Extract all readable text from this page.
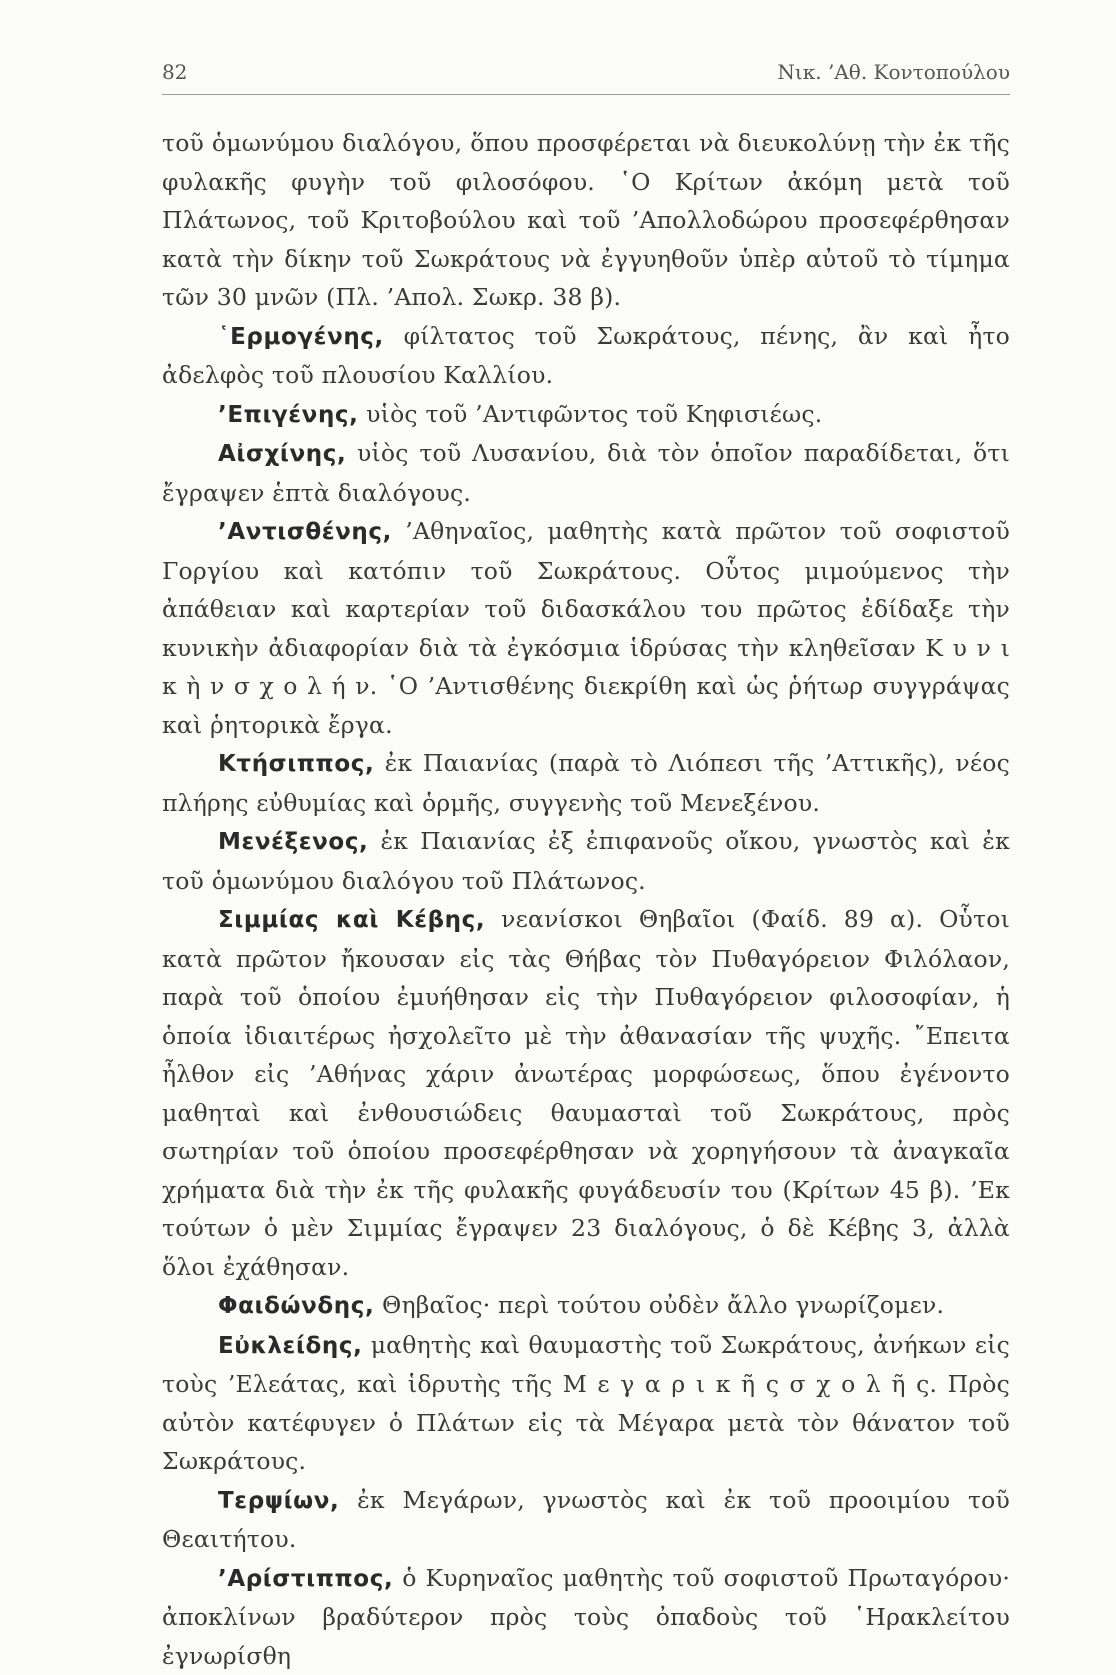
82	Νικ. ’Αθ. Κοντοπούλου

τοῦ ὁμωνύμου διαλόγου, ὅπου προσφέρεται νὰ διευκολύνῃ τὴν ἐκ τῆς φυλακῆς φυγὴν τοῦ φιλοσόφου. ῾Ο Κρίτων ἀκόμη μετὰ τοῦ Πλάτωνος, τοῦ Κριτοβούλου καὶ τοῦ ’Απολλοδώρου προσεφέρθησαν κατὰ τὴν δίκην τοῦ Σωκράτους νὰ ἐγγυηθοῦν ὑπὲρ αὐτοῦ τὸ τίμημα τῶν 30 μνῶν (Πλ. ’Απολ. Σωκρ. 38 β).

῾Ερμογένης, φίλτατος τοῦ Σωκράτους, πένης, ἂν καὶ ἦτο ἀδελφὸς τοῦ πλουσίου Καλλίου.

’Επιγένης, υἱὸς τοῦ ’Αντιφῶντος τοῦ Κηφισιέως.

Αἰσχίνης, υἱὸς τοῦ Λυσανίου, διὰ τὸν ὁποῖον παραδίδεται, ὅτι ἔγραψεν ἑπτὰ διαλόγους.

’Αντισθένης, ’Αθηναῖος, μαθητὴς κατὰ πρῶτον τοῦ σοφιστοῦ Γοργίου καὶ κατόπιν τοῦ Σωκράτους. Οὗτος μιμούμενος τὴν ἀπάθειαν καὶ καρτερίαν τοῦ διδασκάλου του πρῶτος ἐδίδαξε τὴν κυνικὴν ἀδιαφορίαν διὰ τὰ ἐγκόσμια ἱδρύσας τὴν κληθεῖσαν Κ υ ν ι κ ὴ ν σ χ ο λ ή ν. ῾Ο ’Αντισθένης διεκρίθη καὶ ὡς ῥήτωρ συγγράψας καὶ ῥητορικὰ ἔργα.

Κτήσιππος, ἐκ Παιανίας (παρὰ τὸ Λιόπεσι τῆς ’Αττικῆς), νέος πλήρης εὐθυμίας καὶ ὁρμῆς, συγγενὴς τοῦ Μενεξένου.

Μενέξενος, ἐκ Παιανίας ἐξ ἐπιφανοῦς οἴκου, γνωστὸς καὶ ἐκ τοῦ ὁμωνύμου διαλόγου τοῦ Πλάτωνος.

Σιμμίας καὶ Κέβης, νεανίσκοι Θηβαῖοι (Φαίδ. 89 α). Οὗτοι κατὰ πρῶτον ἤκουσαν εἰς τὰς Θήβας τὸν Πυθαγόρειον Φιλόλαον, παρὰ τοῦ ὁποίου ἐμυήθησαν εἰς τὴν Πυθαγόρειον φιλοσοφίαν, ἡ ὁποία ἰδιαιτέρως ἠσχολεῖτο μὲ τὴν ἀθανασίαν τῆς ψυχῆς. ῎Επειτα ἦλθον εἰς ’Αθήνας χάριν ἀνωτέρας μορφώσεως, ὅπου ἐγένοντο μαθηταὶ καὶ ἐνθουσιώδεις θαυμασταὶ τοῦ Σωκράτους, πρὸς σωτηρίαν τοῦ ὁποίου προσεφέρθησαν νὰ χορηγήσουν τὰ ἀναγκαῖα χρήματα διὰ τὴν ἐκ τῆς φυλακῆς φυγάδευσίν του (Κρίτων 45 β). ’Εκ τούτων ὁ μὲν Σιμμίας ἔγραψεν 23 διαλόγους, ὁ δὲ Κέβης 3, ἀλλὰ ὅλοι ἐχάθησαν.

Φαιδώνδης, Θηβαῖος· περὶ τούτου οὐδὲν ἄλλο γνωρίζομεν.

Εὐκλείδης, μαθητὴς καὶ θαυμαστὴς τοῦ Σωκράτους, ἀνήκων εἰς τοὺς ’Ελεάτας, καὶ ἱδρυτὴς τῆς Μ ε γ α ρ ι κ ῆ ς σ χ ο λ ῆ ς. Πρὸς αὐτὸν κατέφυγεν ὁ Πλάτων εἰς τὰ Μέγαρα μετὰ τὸν θάνατον τοῦ Σωκράτους.

Τερψίων, ἐκ Μεγάρων, γνωστὸς καὶ ἐκ τοῦ προοιμίου τοῦ Θεαιτήτου.

’Αρίστιππος, ὁ Κυρηναῖος μαθητὴς τοῦ σοφιστοῦ Πρωταγόρου· ἀποκλίνων βραδύτερον πρὸς τοὺς ὀπαδοὺς τοῦ ῾Ηρακλείτου ἐγνωρίσθη
